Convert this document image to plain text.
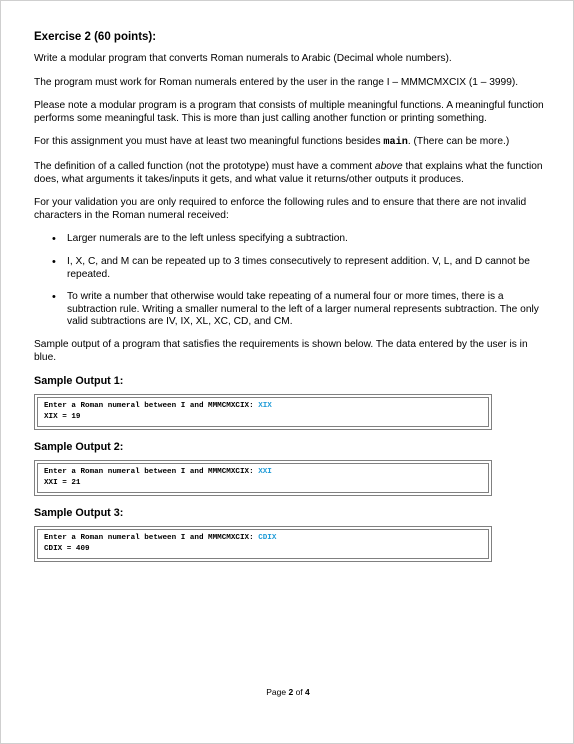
Exercise 2 (60 points):

Write a modular program that converts Roman numerals to Arabic (Decimal whole numbers).

The program must work for Roman numerals entered by the user in the range I – MMMCMXCIX (1 – 3999).

Please note a modular program is a program that consists of multiple meaningful functions. A meaningful function performs some meaningful task. This is more than just calling another function or printing something.

For this assignment you must have at least two meaningful functions besides main. (There can be more.)

The definition of a called function (not the prototype) must have a comment above that explains what the function does, what arguments it takes/inputs it gets, and what value it returns/other outputs it produces.

For your validation you are only required to enforce the following rules and to ensure that there are not invalid characters in the Roman numeral received:

• Larger numerals are to the left unless specifying a subtraction.
• I, X, C, and M can be repeated up to 3 times consecutively to represent addition. V, L, and D cannot be repeated.
• To write a number that otherwise would take repeating of a numeral four or more times, there is a subtraction rule. Writing a smaller numeral to the left of a larger numeral represents subtraction. The only valid subtractions are IV, IX, XL, XC, CD, and CM.

Sample output of a program that satisfies the requirements is shown below. The data entered by the user is in blue.

Sample Output 1:
Enter a Roman numeral between I and MMMCMXCIX: XIX
XIX = 19
Sample Output 2:
Enter a Roman numeral between I and MMMCMXCIX: XXI
XXI = 21
Sample Output 3:
Enter a Roman numeral between I and MMMCMXCIX: CDIX
CDIX = 409
Page 2 of 4
